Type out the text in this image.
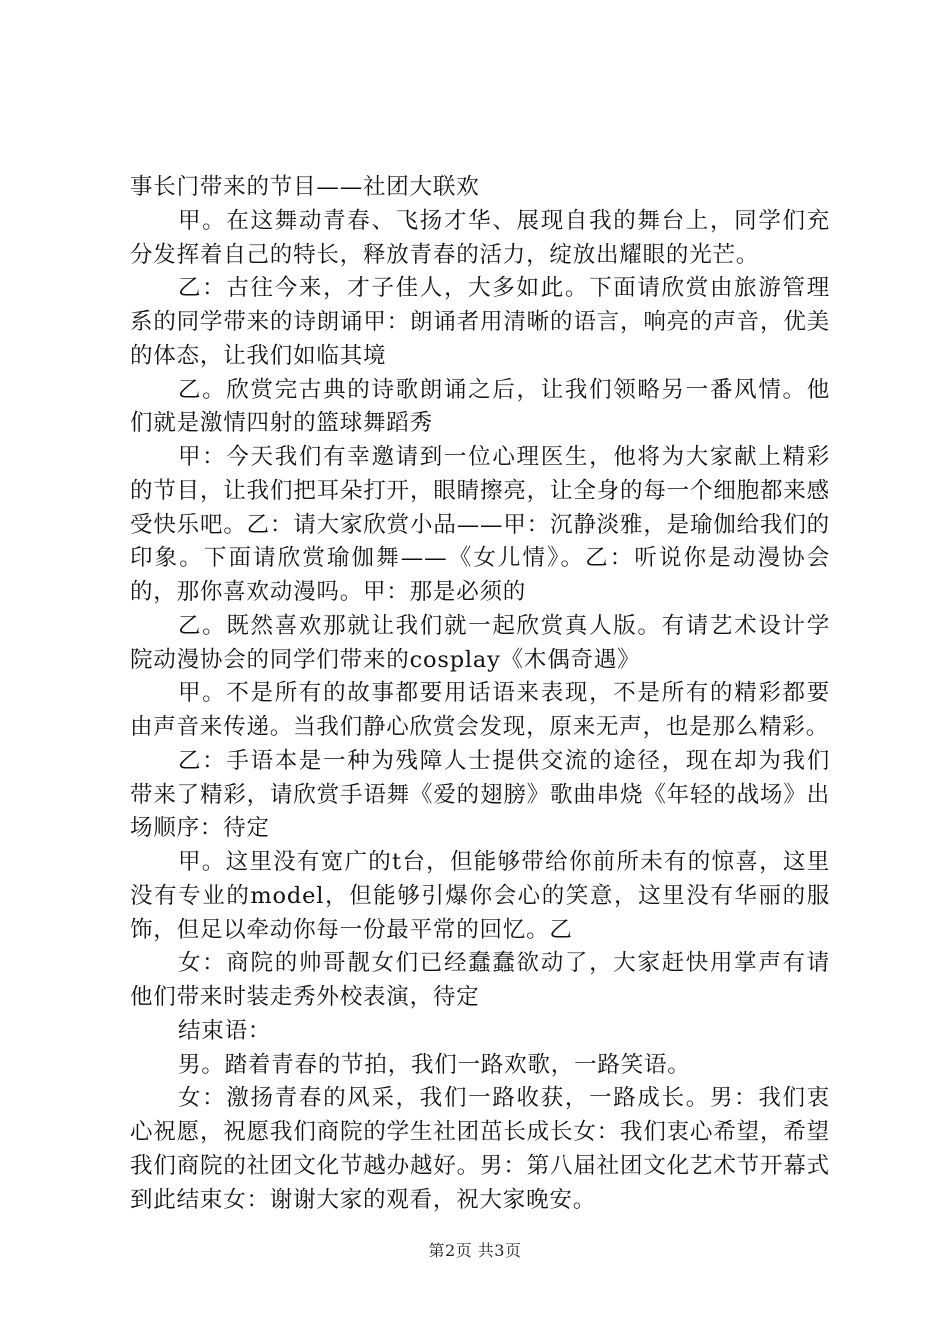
事长门带来的节目——社团大联欢

甲。在这舞动青春、飞扬才华、展现自我的舞台上，同学们充分发挥着自己的特长，释放青春的活力，绽放出耀眼的光芒。

乙：古往今来，才子佳人，大多如此。下面请欣赏由旅游管理系的同学带来的诗朗诵甲：朗诵者用清晰的语言，响亮的声音，优美的体态，让我们如临其境

乙。欣赏完古典的诗歌朗诵之后，让我们领略另一番风情。他们就是激情四射的篮球舞蹈秀

甲：今天我们有幸邀请到一位心理医生，他将为大家献上精彩的节目，让我们把耳朵打开，眼睛擦亮，让全身的每一个细胞都来感受快乐吧。乙：请大家欣赏小品——甲：沉静淡雅，是瑜伽给我们的印象。下面请欣赏瑜伽舞——《女儿情》。乙：听说你是动漫协会的，那你喜欢动漫吗。甲：那是必须的

乙。既然喜欢那就让我们就一起欣赏真人版。有请艺术设计学院动漫协会的同学们带来的cosplay《木偶奇遇》

甲。不是所有的故事都要用话语来表现，不是所有的精彩都要由声音来传递。当我们静心欣赏会发现，原来无声，也是那么精彩。

乙：手语本是一种为残障人士提供交流的途径，现在却为我们带来了精彩，请欣赏手语舞《爱的翅膀》歌曲串烧《年轻的战场》出场顺序：待定

甲。这里没有宽广的t台，但能够带给你前所未有的惊喜，这里没有专业的model，但能够引爆你会心的笑意，这里没有华丽的服饰，但足以牵动你每一份最平常的回忆。乙

女：商院的帅哥靓女们已经蠢蠢欲动了，大家赶快用掌声有请他们带来时装走秀外校表演，待定

结束语：

男。踏着青春的节拍，我们一路欢歌，一路笑语。

女：激扬青春的风采，我们一路收获，一路成长。男：我们衷心祝愿，祝愿我们商院的学生社团茁长成长女：我们衷心希望，希望我们商院的社团文化节越办越好。男：第八届社团文化艺术节开幕式到此结束女：谢谢大家的观看，祝大家晚安。

第2页 共3页
